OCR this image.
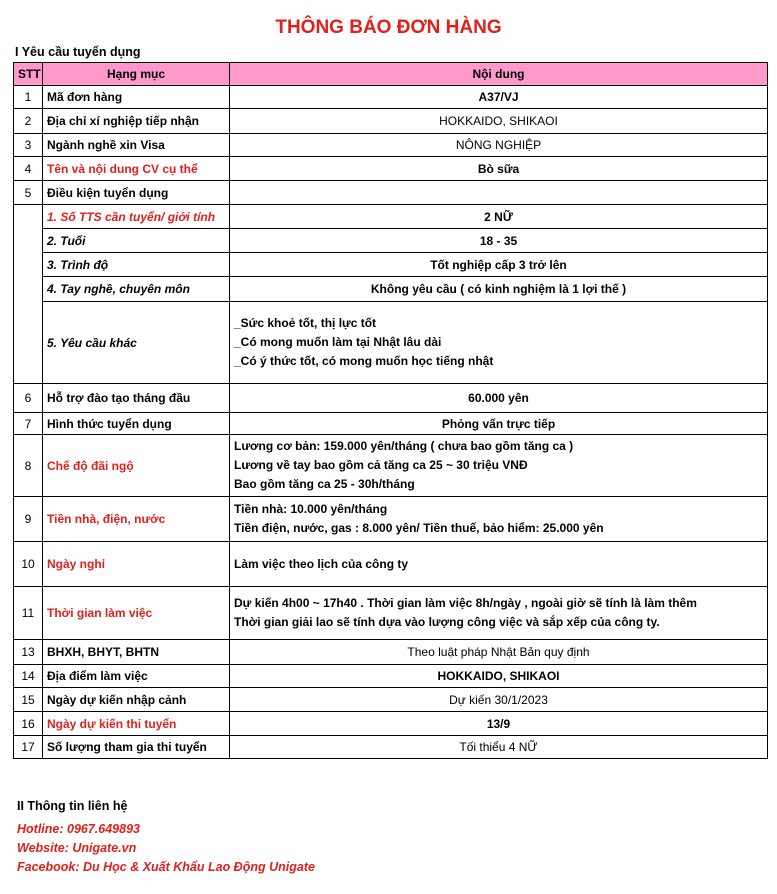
THÔNG BÁO ĐƠN HÀNG
I Yêu cầu tuyển dụng
STT	Hạng mục	Nội dung
1	Mã đơn hàng	A37/VJ
2	Địa chỉ xí nghiệp tiếp nhận	HOKKAIDO, SHIKAOI
3	Ngành nghề xin Visa	NÔNG NGHIỆP
4	Tên và nội dung CV cụ thể	Bò sữa
5	Điều kiện tuyển dụng	
	1. Số TTS cần tuyển/ giới tính	2 NỮ
	2. Tuổi	18 - 35
	3. Trình độ	Tốt nghiệp cấp 3 trở lên
	4. Tay nghề, chuyên môn	Không yêu cầu ( có kinh nghiệm là 1 lợi thế )
	5. Yêu cầu khác	_Sức khoẻ tốt, thị lực tốt
_Có mong muốn làm tại Nhật lâu dài
_Có ý thức tốt, có mong muốn học tiếng nhật

6	Hỗ trợ đào tạo tháng đầu	60.000 yên
7	Hình thức tuyển dụng	Phỏng vấn trực tiếp
8	Chế độ đãi ngộ	Lương cơ bản: 159.000 yên/tháng ( chưa bao gồm tăng ca )
Lương về tay bao gồm cả tăng ca 25 ~ 30 triệu VNĐ
Bao gồm tăng ca 25 - 30h/tháng

9	Tiền nhà, điện, nước	Tiền nhà: 10.000 yên/tháng
Tiền điện, nước, gas : 8.000 yên/ Tiền thuế, bảo hiểm: 25.000 yên

10	Ngày nghỉ	Làm việc theo lịch của công ty
11	Thời gian làm việc	Dự kiến 4h00 ~ 17h40 . Thời gian làm việc 8h/ngày , ngoài giờ sẽ tính là làm thêm
Thời gian giải lao sẽ tính dựa vào lượng công việc và sắp xếp của công ty.

13	BHXH, BHYT, BHTN	Theo luật pháp Nhật Bản quy định
14	Địa điểm làm việc	HOKKAIDO, SHIKAOI
15	Ngày dự kiến nhập cảnh	Dự kiến 30/1/2023
16	Ngày dự kiến thi tuyển	13/9
17	Số lượng tham gia thi tuyển	Tối thiểu 4 NỮ
II Thông tin liên hệ
Hotline: 0967.649893
Website: Unigate.vn
Facebook: Du Học & Xuất Khẩu Lao Động Unigate
